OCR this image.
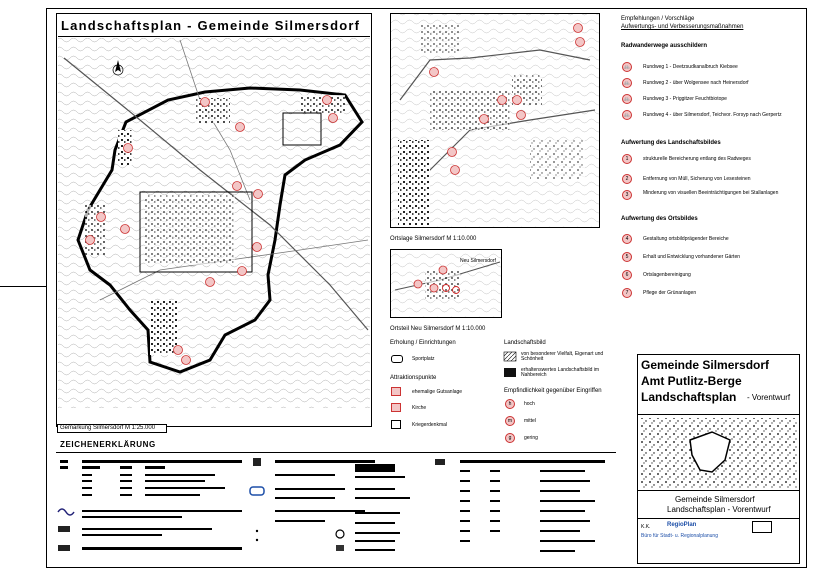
Landschaftsplan - Gemeinde Silmersdorf
Gemarkung Silmersdorf M 1:25.000
ZEICHENERKLÄRUNG
Ortslage Silmersdorf M 1:10.000
Neu Silmersdorf
Ortsteil Neu Silmersdorf M 1:10.000
Empfehlungen / Vorschläge
Aufwertungs- und Verbesserungsmaßnahmen
Radwanderwege ausschildern
🚲	Rundweg 1 - Deetzsudkanalbruch Kiebsee
🚲	Rundweg 2 - über Wolgensee nach Heinersdorf
🚲	Rundweg 3 - Priggitzer Feuchtbiotope
🚲	Rundweg 4 - über Silmersdorf, Teichvor. Forsyp nach Gerpertz
Aufwertung des Landschaftsbildes
1	strukturelle Bereicherung entlang des Radweges
2	Entfernung von Müll, Sicherung von Lesesteinen
3	Minderung von visuellen Beeinträchtigungen bei Stallanlagen
Aufwertung des Ortsbildes
4	Gestaltung ortsbildprägender Bereiche
5	Erhalt und Entwicklung vorhandener Gärten
6	Ortslagenbereinigung
7	Pflege der Grünanlagen
Erholung / Einrichtungen
Sportplatz
Attraktionspunkte
ehemalige Gutsanlage
Kirche
Kriegerdenkmal
Landschaftsbild
von besonderer Vielfalt, Eigenart und Schönheit
erhaltenswertes Landschaftsbild im Nahbereich
Empfindlichkeit gegenüber Eingriffen
h	hoch
m	mittel
g	gering
Gemeinde Silmersdorf
Amt Putlitz-Berge
Landschaftsplan - Vorentwurf
Gemeinde Silmersdorf
Landschaftsplan - Vorentwurf
K.K.	RegioPlan
Büro für Stadt- u. Regionalplanung
